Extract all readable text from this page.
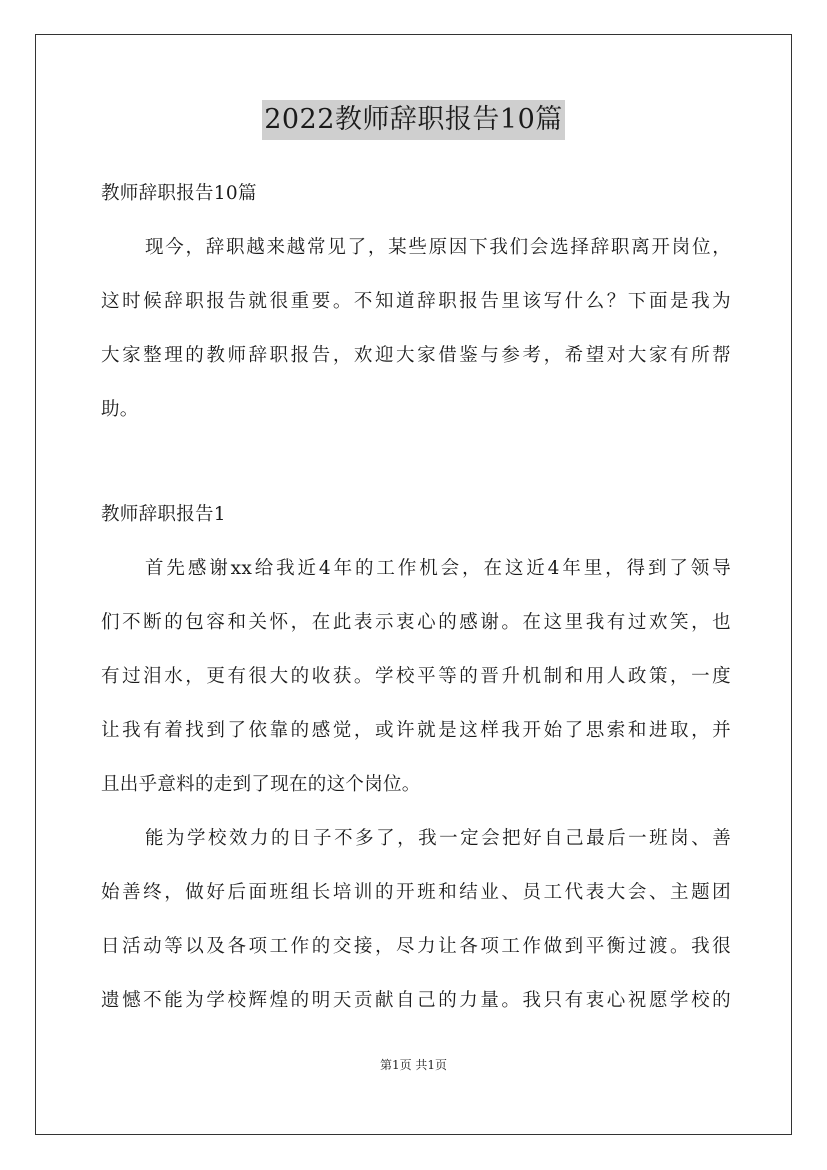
2022教师辞职报告10篇
教师辞职报告10篇
现今，辞职越来越常见了，某些原因下我们会选择辞职离开岗位，
这时候辞职报告就很重要。不知道辞职报告里该写什么？下面是我为
大家整理的教师辞职报告，欢迎大家借鉴与参考，希望对大家有所帮
助。
教师辞职报告1
首先感谢xx给我近4年的工作机会，在这近4年里，得到了领导
们不断的包容和关怀，在此表示衷心的感谢。在这里我有过欢笑，也
有过泪水，更有很大的收获。学校平等的晋升机制和用人政策，一度
让我有着找到了依靠的感觉，或许就是这样我开始了思索和进取，并
且出乎意料的走到了现在的这个岗位。
能为学校效力的日子不多了，我一定会把好自己最后一班岗、善
始善终，做好后面班组长培训的开班和结业、员工代表大会、主题团
日活动等以及各项工作的交接，尽力让各项工作做到平衡过渡。我很
遗憾不能为学校辉煌的明天贡献自己的力量。我只有衷心祝愿学校的
第1页 共1页
